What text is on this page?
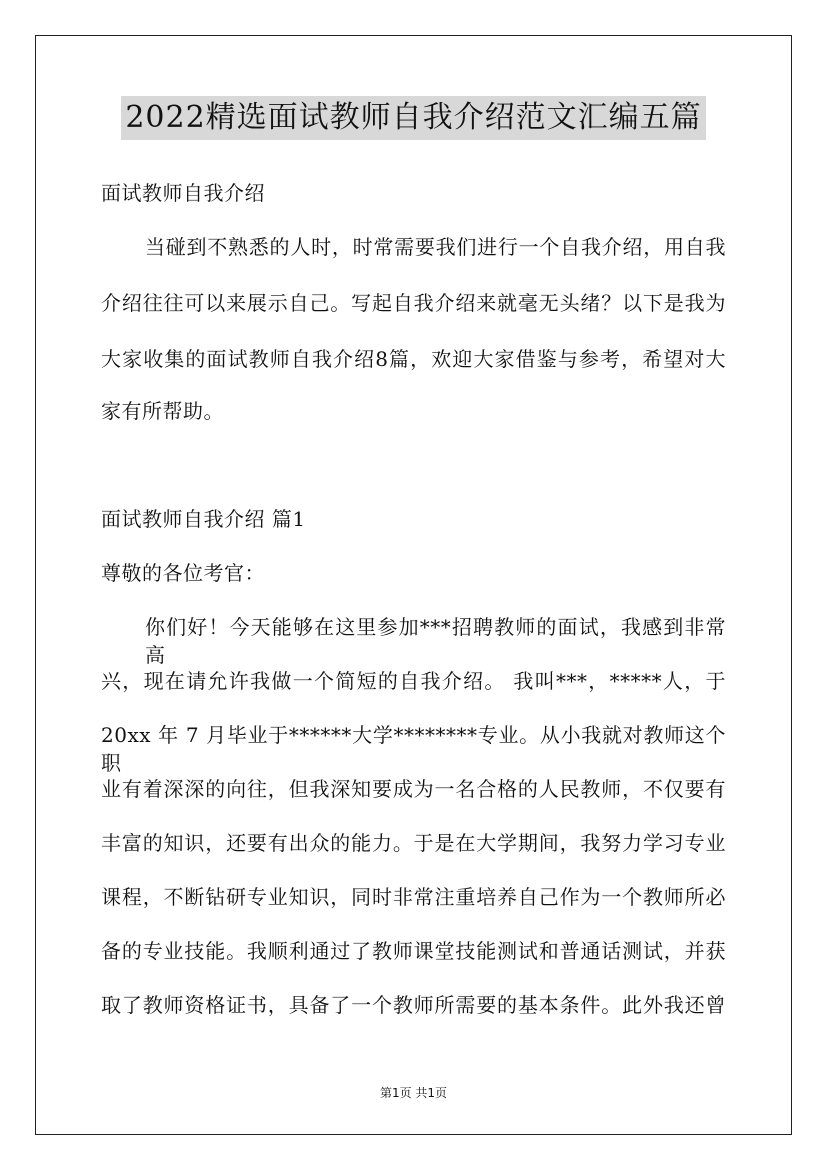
2022精选面试教师自我介绍范文汇编五篇
面试教师自我介绍
当碰到不熟悉的人时，时常需要我们进行一个自我介绍，用自我
介绍往往可以来展示自己。写起自我介绍来就毫无头绪？以下是我为
大家收集的面试教师自我介绍8篇，欢迎大家借鉴与参考，希望对大
家有所帮助。
面试教师自我介绍 篇1
尊敬的各位考官：
你们好！今天能够在这里参加***招聘教师的面试，我感到非常高
兴，现在请允许我做一个简短的自我介绍。 我叫***，*****人，于
20xx 年 7 月毕业于******大学********专业。从小我就对教师这个职
业有着深深的向往，但我深知要成为一名合格的人民教师，不仅要有
丰富的知识，还要有出众的能力。于是在大学期间，我努力学习专业
课程，不断钻研专业知识，同时非常注重培养自己作为一个教师所必
备的专业技能。我顺利通过了教师课堂技能测试和普通话测试，并获
取了教师资格证书，具备了一个教师所需要的基本条件。此外我还曾
第1页 共1页
